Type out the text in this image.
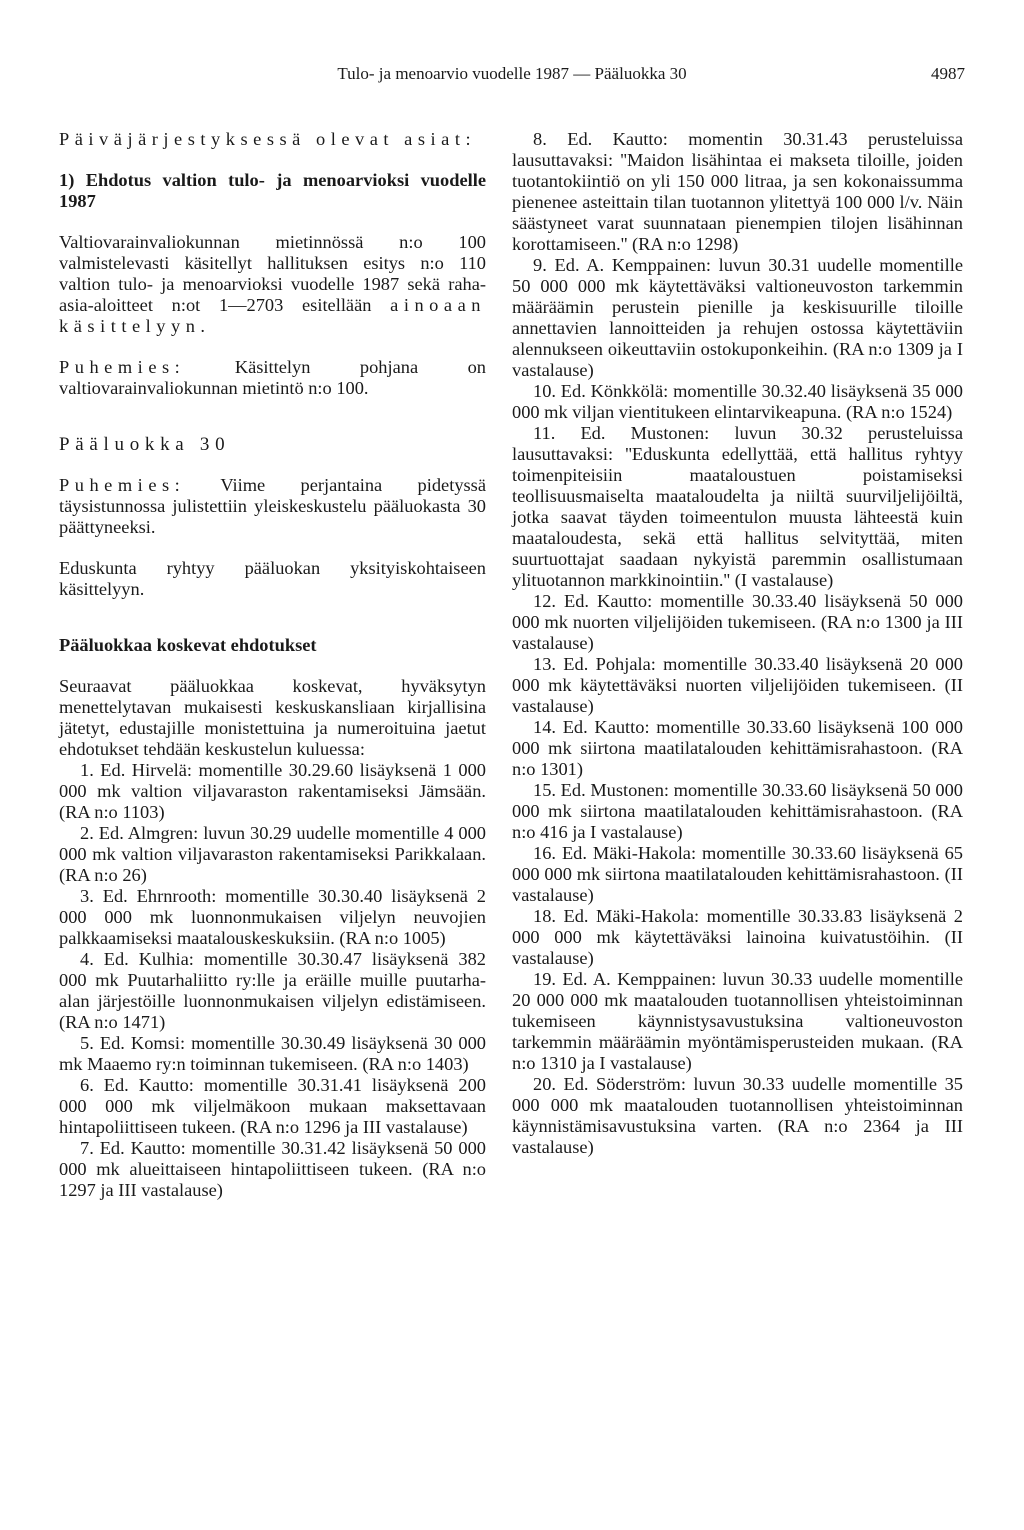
Tulo- ja menoarvio vuodelle 1987 — Pääluokka 30	4987

Päiväjärjestyksessä olevat asiat:

1) Ehdotus valtion tulo- ja menoarvioksi vuodelle 1987

Valtiovarainvaliokunnan mietinnössä n:o 100 valmistelevasti käsitellyt hallituksen esitys n:o 110 valtion tulo- ja menoarvioksi vuodelle 1987 sekä raha-asia-aloitteet n:ot 1—2703 esitellään ainoaan käsittelyyn.

Puhemies:	Käsittelyn pohjana on valtiovarainvaliokunnan mietintö n:o 100.

Pääluokka 30

Puhemies: Viime perjantaina pidetyssä täysistunnossa julistettiin yleiskeskustelu pääluokasta 30 päättyneeksi.

Eduskunta ryhtyy pääluokan yksityiskohtaiseen käsittelyyn.

Pääluokkaa koskevat ehdotukset

Seuraavat pääluokkaa koskevat, hyväksytyn menettelytavan mukaisesti keskuskansliaan kirjallisina jätetyt, edustajille monistettuina ja numeroituina jaetut ehdotukset tehdään keskustelun kuluessa:

1. Ed. Hirvelä: momentille 30.29.60 lisäyksenä 1 000 000 mk valtion viljavaraston rakentamiseksi Jämsään. (RA n:o 1103)

2. Ed. Almgren: luvun 30.29 uudelle momentille 4 000 000 mk valtion viljavaraston rakentamiseksi Parikkalaan. (RA n:o 26)

3. Ed. Ehrnrooth: momentille 30.30.40 lisäyksenä 2 000 000 mk luonnonmukaisen viljelyn neuvojien palkkaamiseksi maatalouskeskuksiin. (RA n:o 1005)

4. Ed. Kulhia: momentille 30.30.47 lisäyksenä 382 000 mk Puutarhaliitto ry:lle ja eräille muille puutarha-alan järjestöille luonnonmukaisen viljelyn edistämiseen. (RA n:o 1471)

5. Ed. Komsi: momentille 30.30.49 lisäyksenä 30 000 mk Maaemo ry:n toiminnan tukemiseen. (RA n:o 1403)

6. Ed. Kautto: momentille 30.31.41 lisäyksenä 200 000 000 mk viljelmäkoon mukaan maksettavaan hintapoliittiseen tukeen. (RA n:o 1296 ja III vastalause)

7. Ed. Kautto: momentille 30.31.42 lisäyksenä 50 000 000 mk alueittaiseen hintapoliittiseen tukeen. (RA n:o 1297 ja III vastalause)

8. Ed. Kautto: momentin 30.31.43 perusteluissa lausuttavaksi: ''Maidon lisähintaa ei makseta tiloille, joiden tuotantokiintiö on yli 150 000 litraa, ja sen kokonaissumma pienenee asteittain tilan tuotannon ylitettyä 100 000 l/v. Näin säästyneet varat suunnataan pienempien tilojen lisähinnan korottamiseen.'' (RA n:o 1298)

9. Ed. A. Kemppainen: luvun 30.31 uudelle momentille 50 000 000 mk käytettäväksi valtioneuvoston tarkemmin määräämin perustein pienille ja keskisuurille tiloille annettavien lannoitteiden ja rehujen ostossa käytettäviin alennukseen oikeuttaviin ostokuponkeihin. (RA n:o 1309 ja I vastalause)

10. Ed. Könkkölä: momentille 30.32.40 lisäyksenä 35 000 000 mk viljan vientitukeen elintarvikeapuna. (RA n:o 1524)

11. Ed. Mustonen: luvun 30.32 perusteluissa lausuttavaksi: ''Eduskunta edellyttää, että hallitus ryhtyy toimenpiteisiin maataloustuen poistamiseksi teollisuusmaiselta maataloudelta ja niiltä suurviljelijöiltä, jotka saavat täyden toimeentulon muusta lähteestä kuin maataloudesta, sekä että hallitus selvityttää, miten suurtuottajat saadaan nykyistä paremmin osallistumaan ylituotannon markkinointiin.'' (I vastalause)

12. Ed. Kautto: momentille 30.33.40 lisäyksenä 50 000 000 mk nuorten viljelijöiden tukemiseen. (RA n:o 1300 ja III vastalause)

13. Ed. Pohjala: momentille 30.33.40 lisäyksenä 20 000 000 mk käytettäväksi nuorten viljelijöiden tukemiseen. (II vastalause)

14. Ed. Kautto: momentille 30.33.60 lisäyksenä 100 000 000 mk siirtona maatilatalouden kehittämisrahastoon. (RA n:o 1301)

15. Ed. Mustonen: momentille 30.33.60 lisäyksenä 50 000 000 mk siirtona maatilatalouden kehittämisrahastoon. (RA n:o 416 ja I vastalause)

16. Ed. Mäki-Hakola: momentille 30.33.60 lisäyksenä 65 000 000 mk siirtona maatilatalouden kehittämisrahastoon. (II vastalause)

18. Ed. Mäki-Hakola: momentille 30.33.83 lisäyksenä 2 000 000 mk käytettäväksi lainoina kuivatustöihin. (II vastalause)

19. Ed. A. Kemppainen: luvun 30.33 uudelle momentille 20 000 000 mk maatalouden tuotannollisen yhteistoiminnan tukemiseen käynnistysavustuksina valtioneuvoston tarkemmin määräämin myöntämisperusteiden mukaan. (RA n:o 1310 ja I vastalause)

20. Ed. Söderström: luvun 30.33 uudelle momentille 35 000 000 mk maatalouden tuotannollisen yhteistoiminnan käynnistämisavustuksina varten. (RA n:o 2364 ja III vastalause)
